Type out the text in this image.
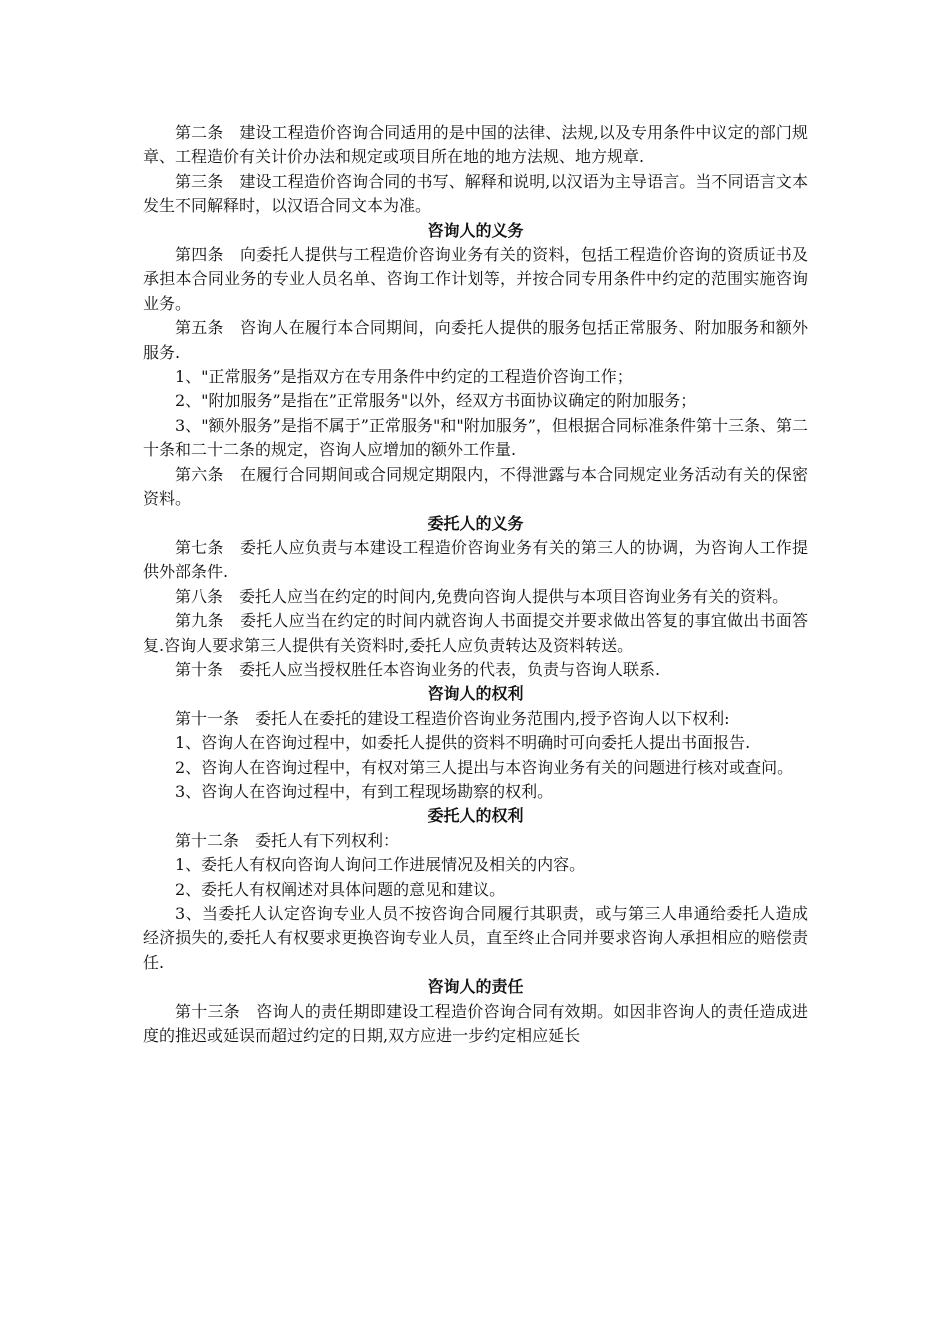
第二条　建设工程造价咨询合同适用的是中国的法律、法规,以及专用条件中议定的部门规章、工程造价有关计价办法和规定或项目所在地的地方法规、地方规章.

第三条　建设工程造价咨询合同的书写、解释和说明,以汉语为主导语言。当不同语言文本发生不同解释时，以汉语合同文本为准。

咨询人的义务

第四条　向委托人提供与工程造价咨询业务有关的资料，包括工程造价咨询的资质证书及承担本合同业务的专业人员名单、咨询工作计划等，并按合同专用条件中约定的范围实施咨询业务。

第五条　咨询人在履行本合同期间，向委托人提供的服务包括正常服务、附加服务和额外服务.

1、"正常服务”是指双方在专用条件中约定的工程造价咨询工作；

2、"附加服务”是指在”正常服务"以外，经双方书面协议确定的附加服务；

3、"额外服务”是指不属于”正常服务"和"附加服务”，但根据合同标准条件第十三条、第二十条和二十二条的规定，咨询人应增加的额外工作量.

第六条　在履行合同期间或合同规定期限内，不得泄露与本合同规定业务活动有关的保密资料。

委托人的义务

第七条　委托人应负责与本建设工程造价咨询业务有关的第三人的协调，为咨询人工作提供外部条件.

第八条　委托人应当在约定的时间内,免费向咨询人提供与本项目咨询业务有关的资料。

第九条　委托人应当在约定的时间内就咨询人书面提交并要求做出答复的事宜做出书面答复.咨询人要求第三人提供有关资料时,委托人应负责转达及资料转送。

第十条　委托人应当授权胜任本咨询业务的代表，负责与咨询人联系.

咨询人的权利

第十一条　委托人在委托的建设工程造价咨询业务范围内,授予咨询人以下权利:

1、咨询人在咨询过程中，如委托人提供的资料不明确时可向委托人提出书面报告.

2、咨询人在咨询过程中，有权对第三人提出与本咨询业务有关的问题进行核对或查问。

3、咨询人在咨询过程中，有到工程现场勘察的权利。

委托人的权利

第十二条　委托人有下列权利：

1、委托人有权向咨询人询问工作进展情况及相关的内容。

2、委托人有权阐述对具体问题的意见和建议。

3、当委托人认定咨询专业人员不按咨询合同履行其职责，或与第三人串通给委托人造成经济损失的,委托人有权要求更换咨询专业人员，直至终止合同并要求咨询人承担相应的赔偿责任.

咨询人的责任

第十三条　咨询人的责任期即建设工程造价咨询合同有效期。如因非咨询人的责任造成进度的推迟或延误而超过约定的日期,双方应进一步约定相应延长
